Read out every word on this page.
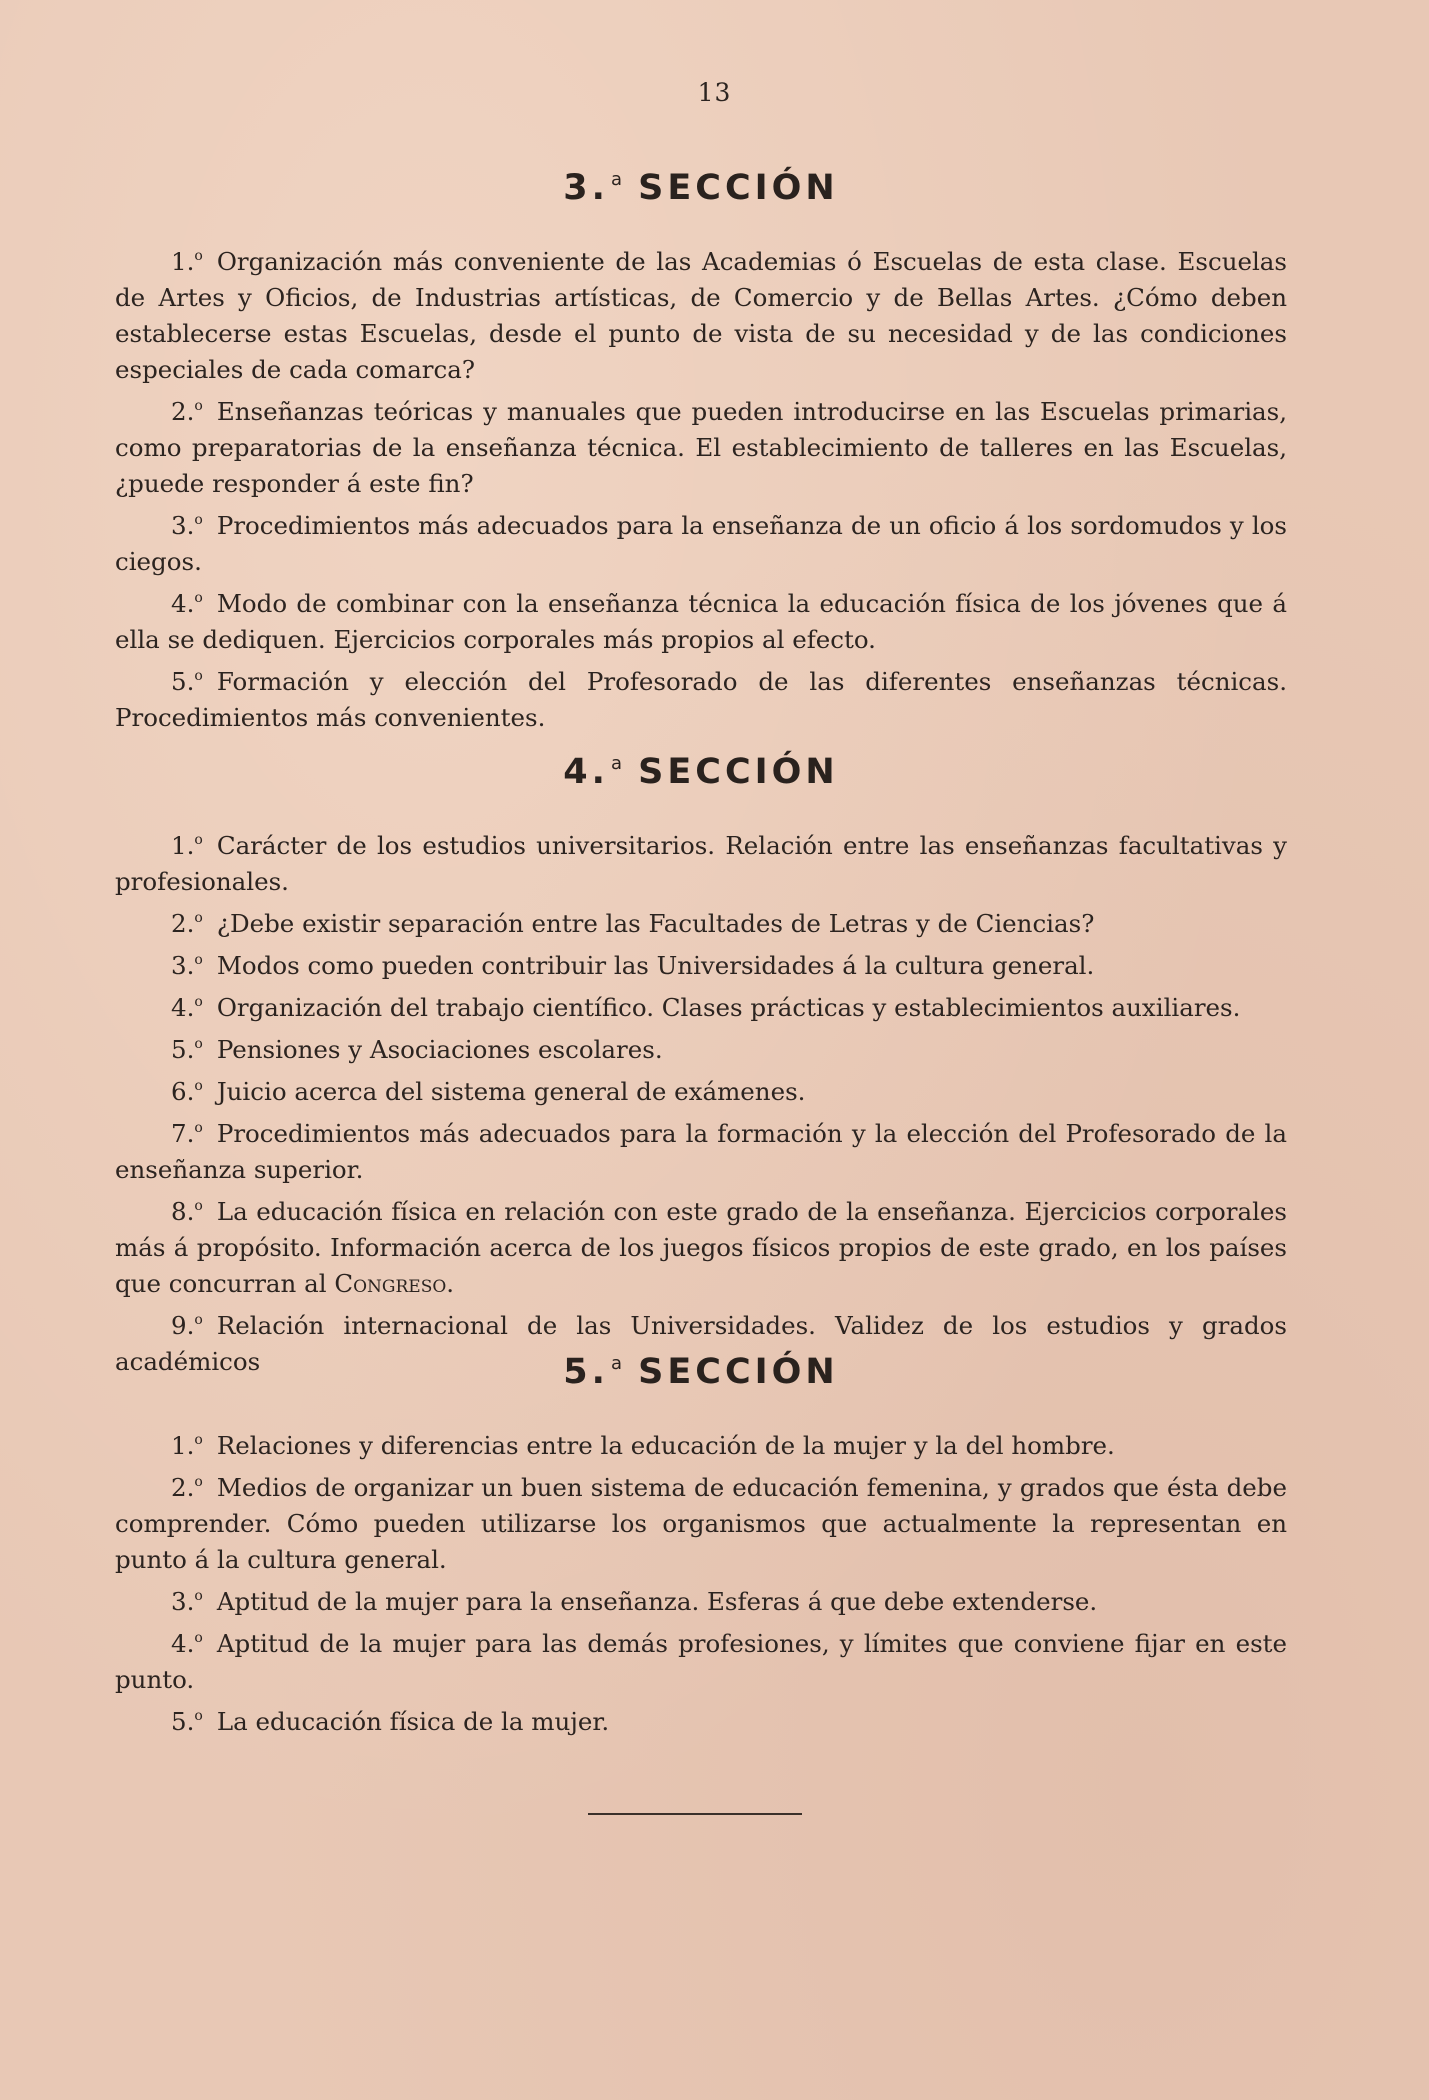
13
3. $^a$ SECCIÓN

1.$^o$ Organización más conveniente de las Academias ó Escuelas de esta clase. Escuelas de Artes y Oficios, de Industrias artísticas, de Comercio y de Bellas Artes. ¿Cómo deben establecerse estas Escuelas, desde el punto de vista de su necesidad y de las condiciones especiales de cada comarca?

2.$^o$ Enseñanzas teóricas y manuales que pueden introducirse en las Escuelas primarias, como preparatorias de la enseñanza técnica. El establecimiento de talleres en las Escuelas, ¿puede responder á este fin?

3.$^o$ Procedimientos más adecuados para la enseñanza de un oficio á los sordomudos y los ciegos.

4.$^o$ Modo de combinar con la enseñanza técnica la educación física de los jóvenes que á ella se dediquen. Ejercicios corporales más propios al efecto.

5.$^o$ Formación y elección del Profesorado de las diferentes enseñanzas técnicas. Procedimientos más convenientes.

4. $^a$ SECCIÓN

1.$^o$ Carácter de los estudios universitarios. Relación entre las enseñanzas facultativas y profesionales.

2.$^o$ ¿Debe existir separación entre las Facultades de Letras y de Ciencias?

3.$^o$ Modos como pueden contribuir las Universidades á la cultura general.

4.$^o$ Organización del trabajo científico. Clases prácticas y establecimientos auxiliares.

5.$^o$ Pensiones y Asociaciones escolares.

6.$^o$ Juicio acerca del sistema general de exámenes.

7.$^o$ Procedimientos más adecuados para la formación y la elección del Profesorado de la enseñanza superior.

8.$^o$ La educación física en relación con este grado de la enseñanza. Ejercicios corporales más á propósito. Información acerca de los juegos físicos propios de este grado, en los países que concurran al Congreso.

9.$^o$ Relación internacional de las Universidades. Validez de los estudios y grados académicos	5. $^a$ SECCIÓN

1.$^o$ Relaciones y diferencias entre la educación de la mujer y la del hombre.

2.$^o$ Medios de organizar un buen sistema de educación femenina, y grados que ésta debe comprender. Cómo pueden utilizarse los organismos que actualmente la representan en punto á la cultura general.

3.$^o$ Aptitud de la mujer para la enseñanza. Esferas á que debe extenderse.

4.$^o$ Aptitud de la mujer para las demás profesiones, y límites que conviene fijar en este punto.

5.$^o$ La educación física de la mujer.
